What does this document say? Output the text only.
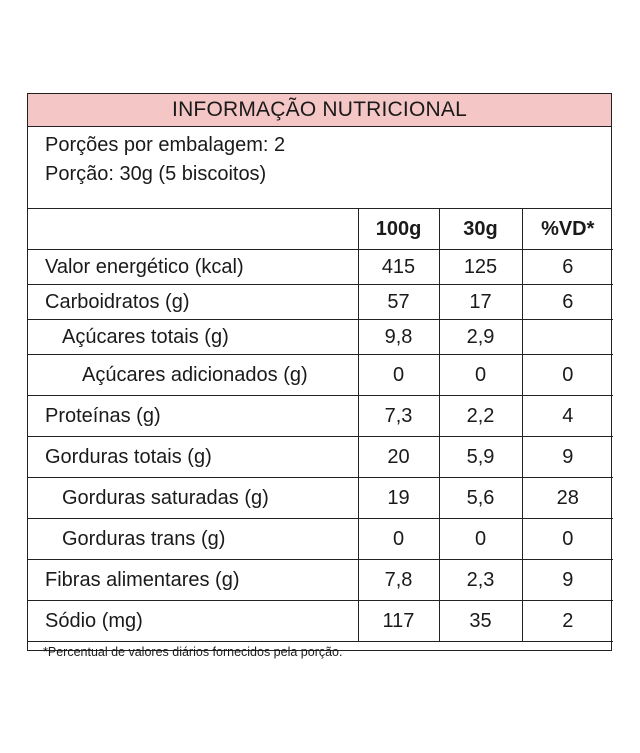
INFORMAÇÃO NUTRICIONAL
Porções por embalagem: 2
Porção: 30g (5 biscoitos)
	100g	30g	%VD*
Valor energético (kcal)	415	125	6
Carboidratos (g)	57	17	6
Açúcares totais (g)	9,8	2,9	
Açúcares adicionados (g)	0	0	0
Proteínas (g)	7,3	2,2	4
Gorduras totais (g)	20	5,9	9
Gorduras saturadas (g)	19	5,6	28
Gorduras trans (g)	0	0	0
Fibras alimentares (g)	7,8	2,3	9
Sódio (mg)	117	35	2
*Percentual de valores diários fornecidos pela porção.
